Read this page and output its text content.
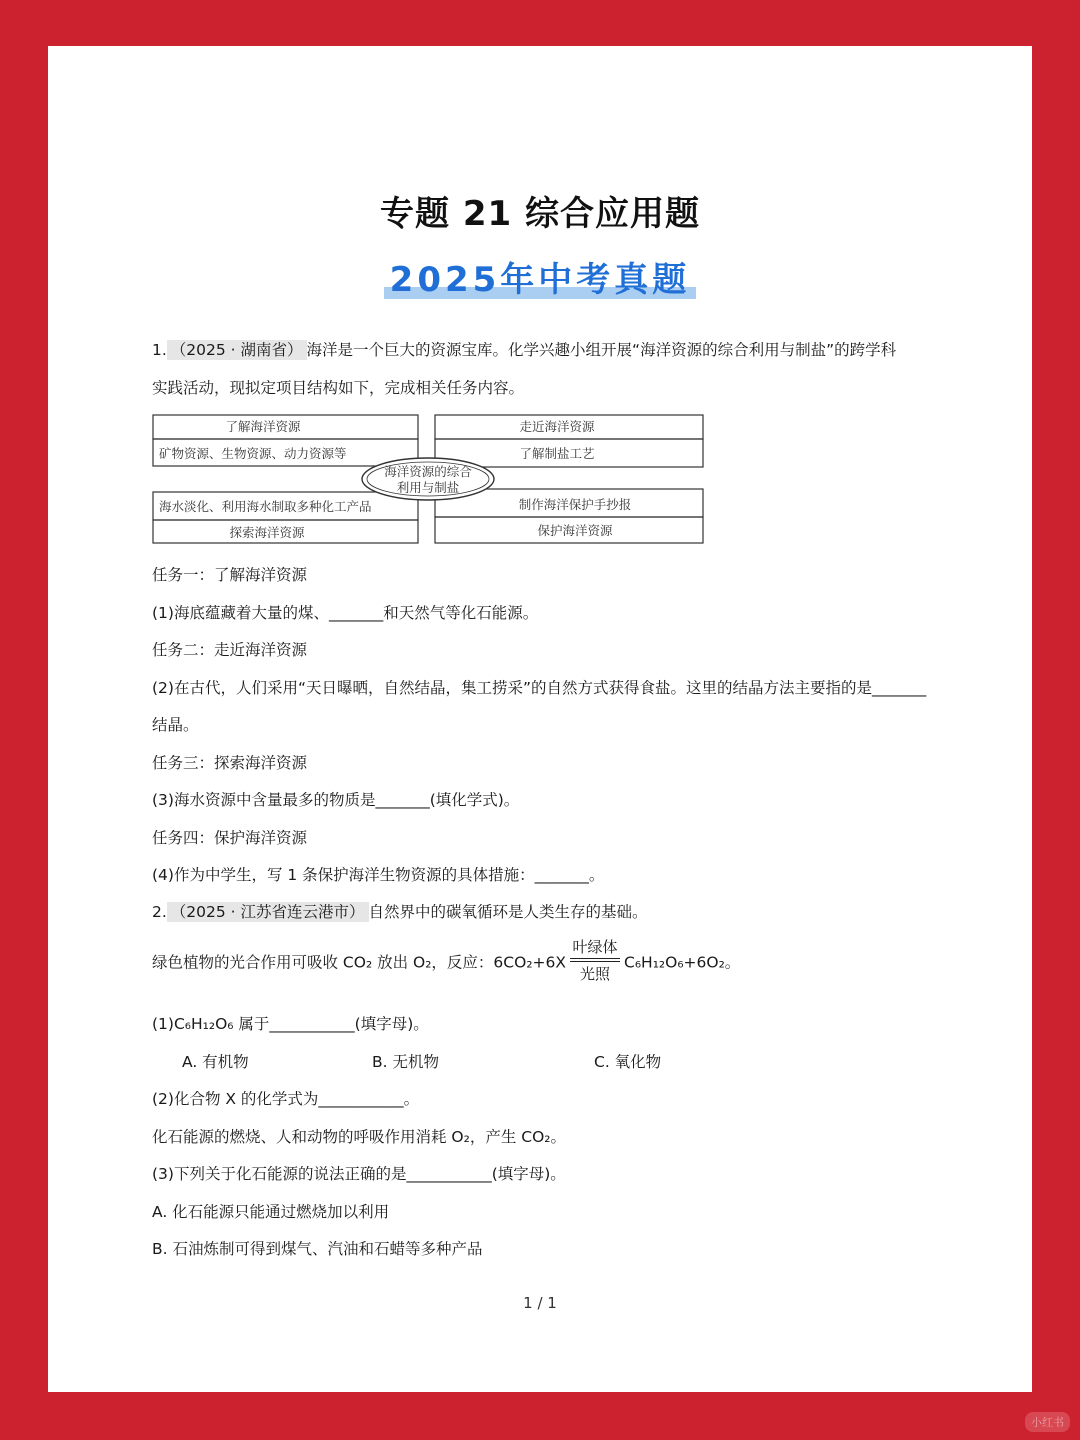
专题 21 综合应用题
2025年中考真题
1. （2025 · 湖南省） 海洋是一个巨大的资源宝库。化学兴趣小组开展“海洋资源的综合利用与制盐”的跨学科
实践活动，现拟定项目结构如下，完成相关任务内容。
了解海洋资源
矿物资源、生物资源、动力资源等
走近海洋资源
了解制盐工艺
海水淡化、利用海水制取多种化工产品
探索海洋资源
制作海洋保护手抄报
保护海洋资源
海洋资源的综合
利用与制盐
任务一：了解海洋资源
(1)海底蕴藏着大量的煤、_______和天然气等化石能源。
任务二：走近海洋资源
(2)在古代，人们采用“天日曝晒，自然结晶，集工捞采”的自然方式获得食盐。这里的结晶方法主要指的是_______
结晶。
任务三：探索海洋资源
(3)海水资源中含量最多的物质是_______(填化学式)。
任务四：保护海洋资源
(4)作为中学生，写 1 条保护海洋生物资源的具体措施：_______。
2. （2025 · 江苏省连云港市） 自然界中的碳氧循环是人类生存的基础。
绿色植物的光合作用可吸收 CO₂ 放出 O₂，反应：$6CO_2+6X \frac{\text{叶绿体}}{\text{光照}} C_6H_{12}O_6+6O_2$。
(1)C₆H₁₂O₆ 属于___________(填字母)。
A. 有机物	B. 无机物	C. 氧化物
(2)化合物 X 的化学式为___________。
化石能源的燃烧、人和动物的呼吸作用消耗 O₂，产生 CO₂。
(3)下列关于化石能源的说法正确的是___________(填字母)。
A. 化石能源只能通过燃烧加以利用
B. 石油炼制可得到煤气、汽油和石蜡等多种产品
1 / 1
小红书
